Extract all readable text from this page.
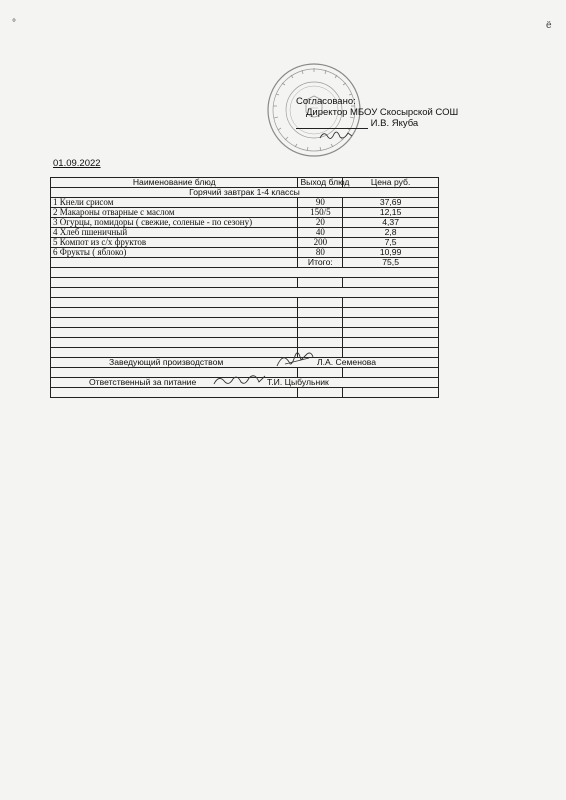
°	ё
Согласовано:
Директор МБОУ Скосырской СОШ
И.В. Якуба
01.09.2022
Наименование блюд	Выход блюд	Цена руб.
Горячий завтрак 1-4 классы		
1 Кнели срисом	90	37,69
2 Макароны отварные с маслом	150/5	12,15
3 Огурцы, помидоры ( свежие, соленые - по сезону)	20	4,37
4 Хлеб пшеничный	40	2,8
5 Компот из с/х фруктов	200	7,5
6 Фрукты ( яблоко)	80	10,99
	Итого:	75,5

Заведующий производством Л.А. Семенова		

Ответственный за питание Т.И. Цыбульник		
